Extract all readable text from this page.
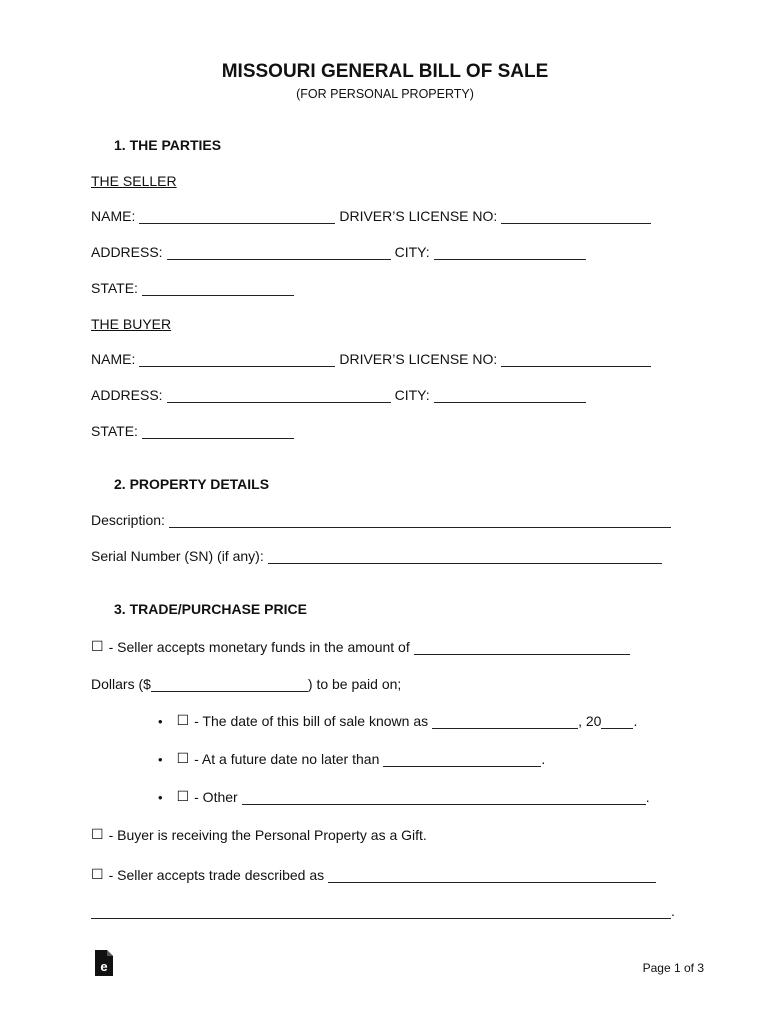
MISSOURI GENERAL BILL OF SALE
(FOR PERSONAL PROPERTY)
1. THE PARTIES
THE SELLER
NAME:	DRIVER’S LICENSE NO:
ADDRESS:	CITY:
STATE:
THE BUYER
NAME:	DRIVER’S LICENSE NO:
ADDRESS:	CITY:
STATE:
2. PROPERTY DETAILS
Description:
Serial Number (SN) (if any):
3. TRADE/PURCHASE PRICE
☐ - Seller accepts monetary funds in the amount of
Dollars ($	) to be paid on;
• ☐ - The date of this bill of sale known as	, 20 .
• ☐ - At a future date no later than	.
• ☐ - Other	.
☐ - Buyer is receiving the Personal Property as a Gift.
☐ - Seller accepts trade described as
.
e	Page 1 of 3
